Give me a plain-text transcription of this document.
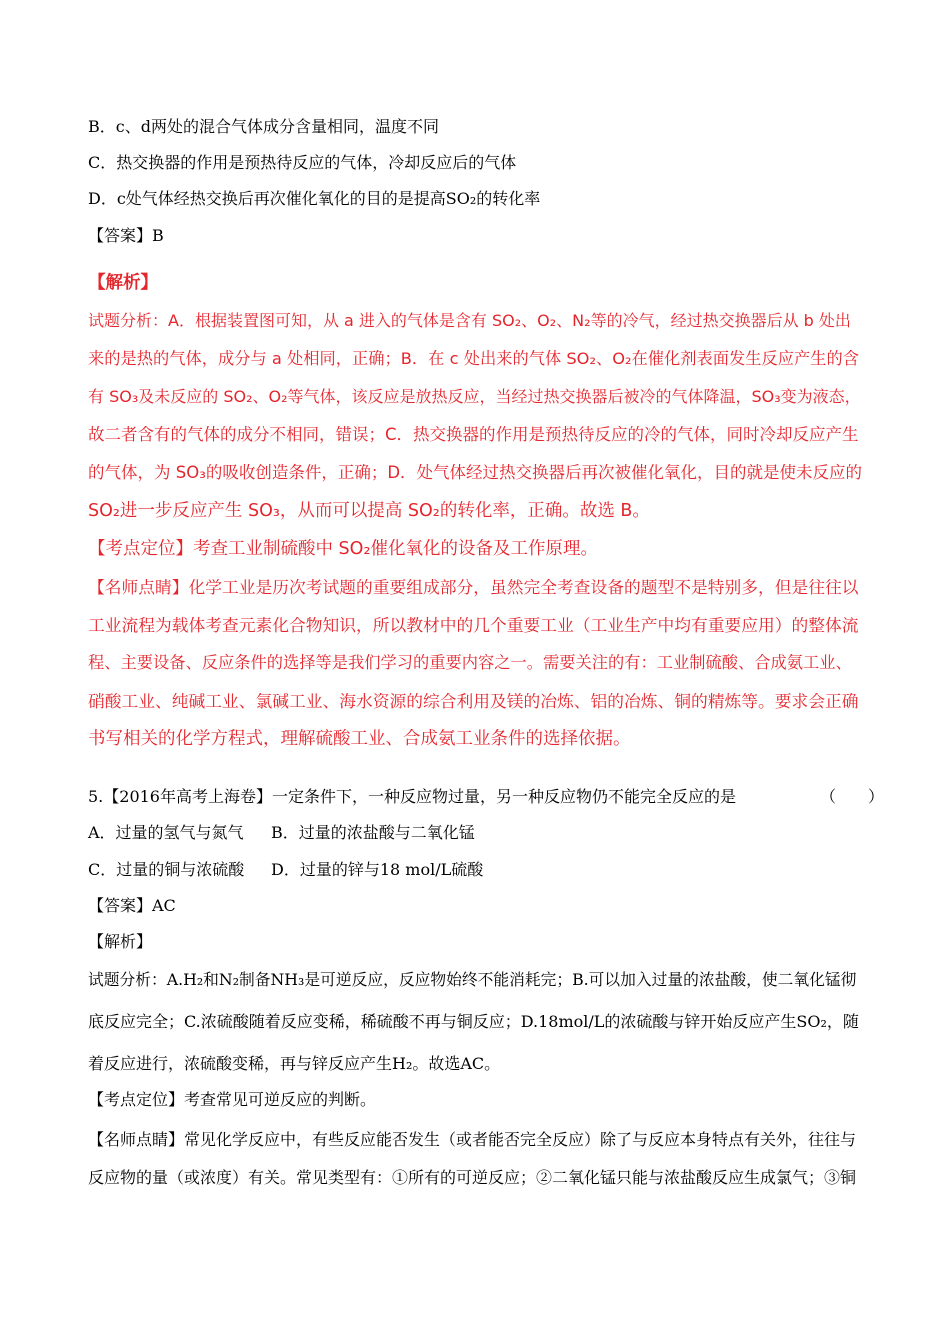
B．c、d两处的混合气体成分含量相同，温度不同
C．热交换器的作用是预热待反应的气体，冷却反应后的气体
D．c处气体经热交换后再次催化氧化的目的是提高SO₂的转化率
【答案】B
【解析】
试题分析：A．根据装置图可知，从 a 进入的气体是含有 SO₂、O₂、N₂等的冷气，经过热交换器后从 b 处出
来的是热的气体，成分与 a 处相同，正确；B．在 c 处出来的气体 SO₂、O₂在催化剂表面发生反应产生的含
有 SO₃及未反应的 SO₂、O₂等气体，该反应是放热反应，当经过热交换器后被冷的气体降温，SO₃变为液态，
故二者含有的气体的成分不相同，错误；C．热交换器的作用是预热待反应的冷的气体，同时冷却反应产生
的气体，为 SO₃的吸收创造条件，正确；D．处气体经过热交换器后再次被催化氧化，目的就是使未反应的
SO₂进一步反应产生 SO₃，从而可以提高 SO₂的转化率，正确。故选 B。
【考点定位】考查工业制硫酸中 SO₂催化氧化的设备及工作原理。
【名师点睛】化学工业是历次考试题的重要组成部分，虽然完全考查设备的题型不是特别多，但是往往以
工业流程为载体考查元素化合物知识，所以教材中的几个重要工业（工业生产中均有重要应用）的整体流
程、主要设备、反应条件的选择等是我们学习的重要内容之一。需要关注的有：工业制硫酸、合成氨工业、
硝酸工业、纯碱工业、氯碱工业、海水资源的综合利用及镁的冶炼、铝的冶炼、铜的精炼等。要求会正确
书写相关的化学方程式，理解硫酸工业、合成氨工业条件的选择依据。
5.【2016年高考上海卷】一定条件下，一种反应物过量，另一种反应物仍不能完全反应的是	（　　）
A．过量的氢气与氮气 B．过量的浓盐酸与二氧化锰
C．过量的铜与浓硫酸 D．过量的锌与18 mol/L硫酸
【答案】AC
【解析】
试题分析：A.H₂和N₂制备NH₃是可逆反应，反应物始终不能消耗完；B.可以加入过量的浓盐酸，使二氧化锰彻
底反应完全；C.浓硫酸随着反应变稀，稀硫酸不再与铜反应；D.18mol/L的浓硫酸与锌开始反应产生SO₂，随
着反应进行，浓硫酸变稀，再与锌反应产生H₂。故选AC。
【考点定位】考查常见可逆反应的判断。
【名师点睛】常见化学反应中，有些反应能否发生（或者能否完全反应）除了与反应本身特点有关外，往往与
反应物的量（或浓度）有关。常见类型有：①所有的可逆反应；②二氧化锰只能与浓盐酸反应生成氯气；③铜
